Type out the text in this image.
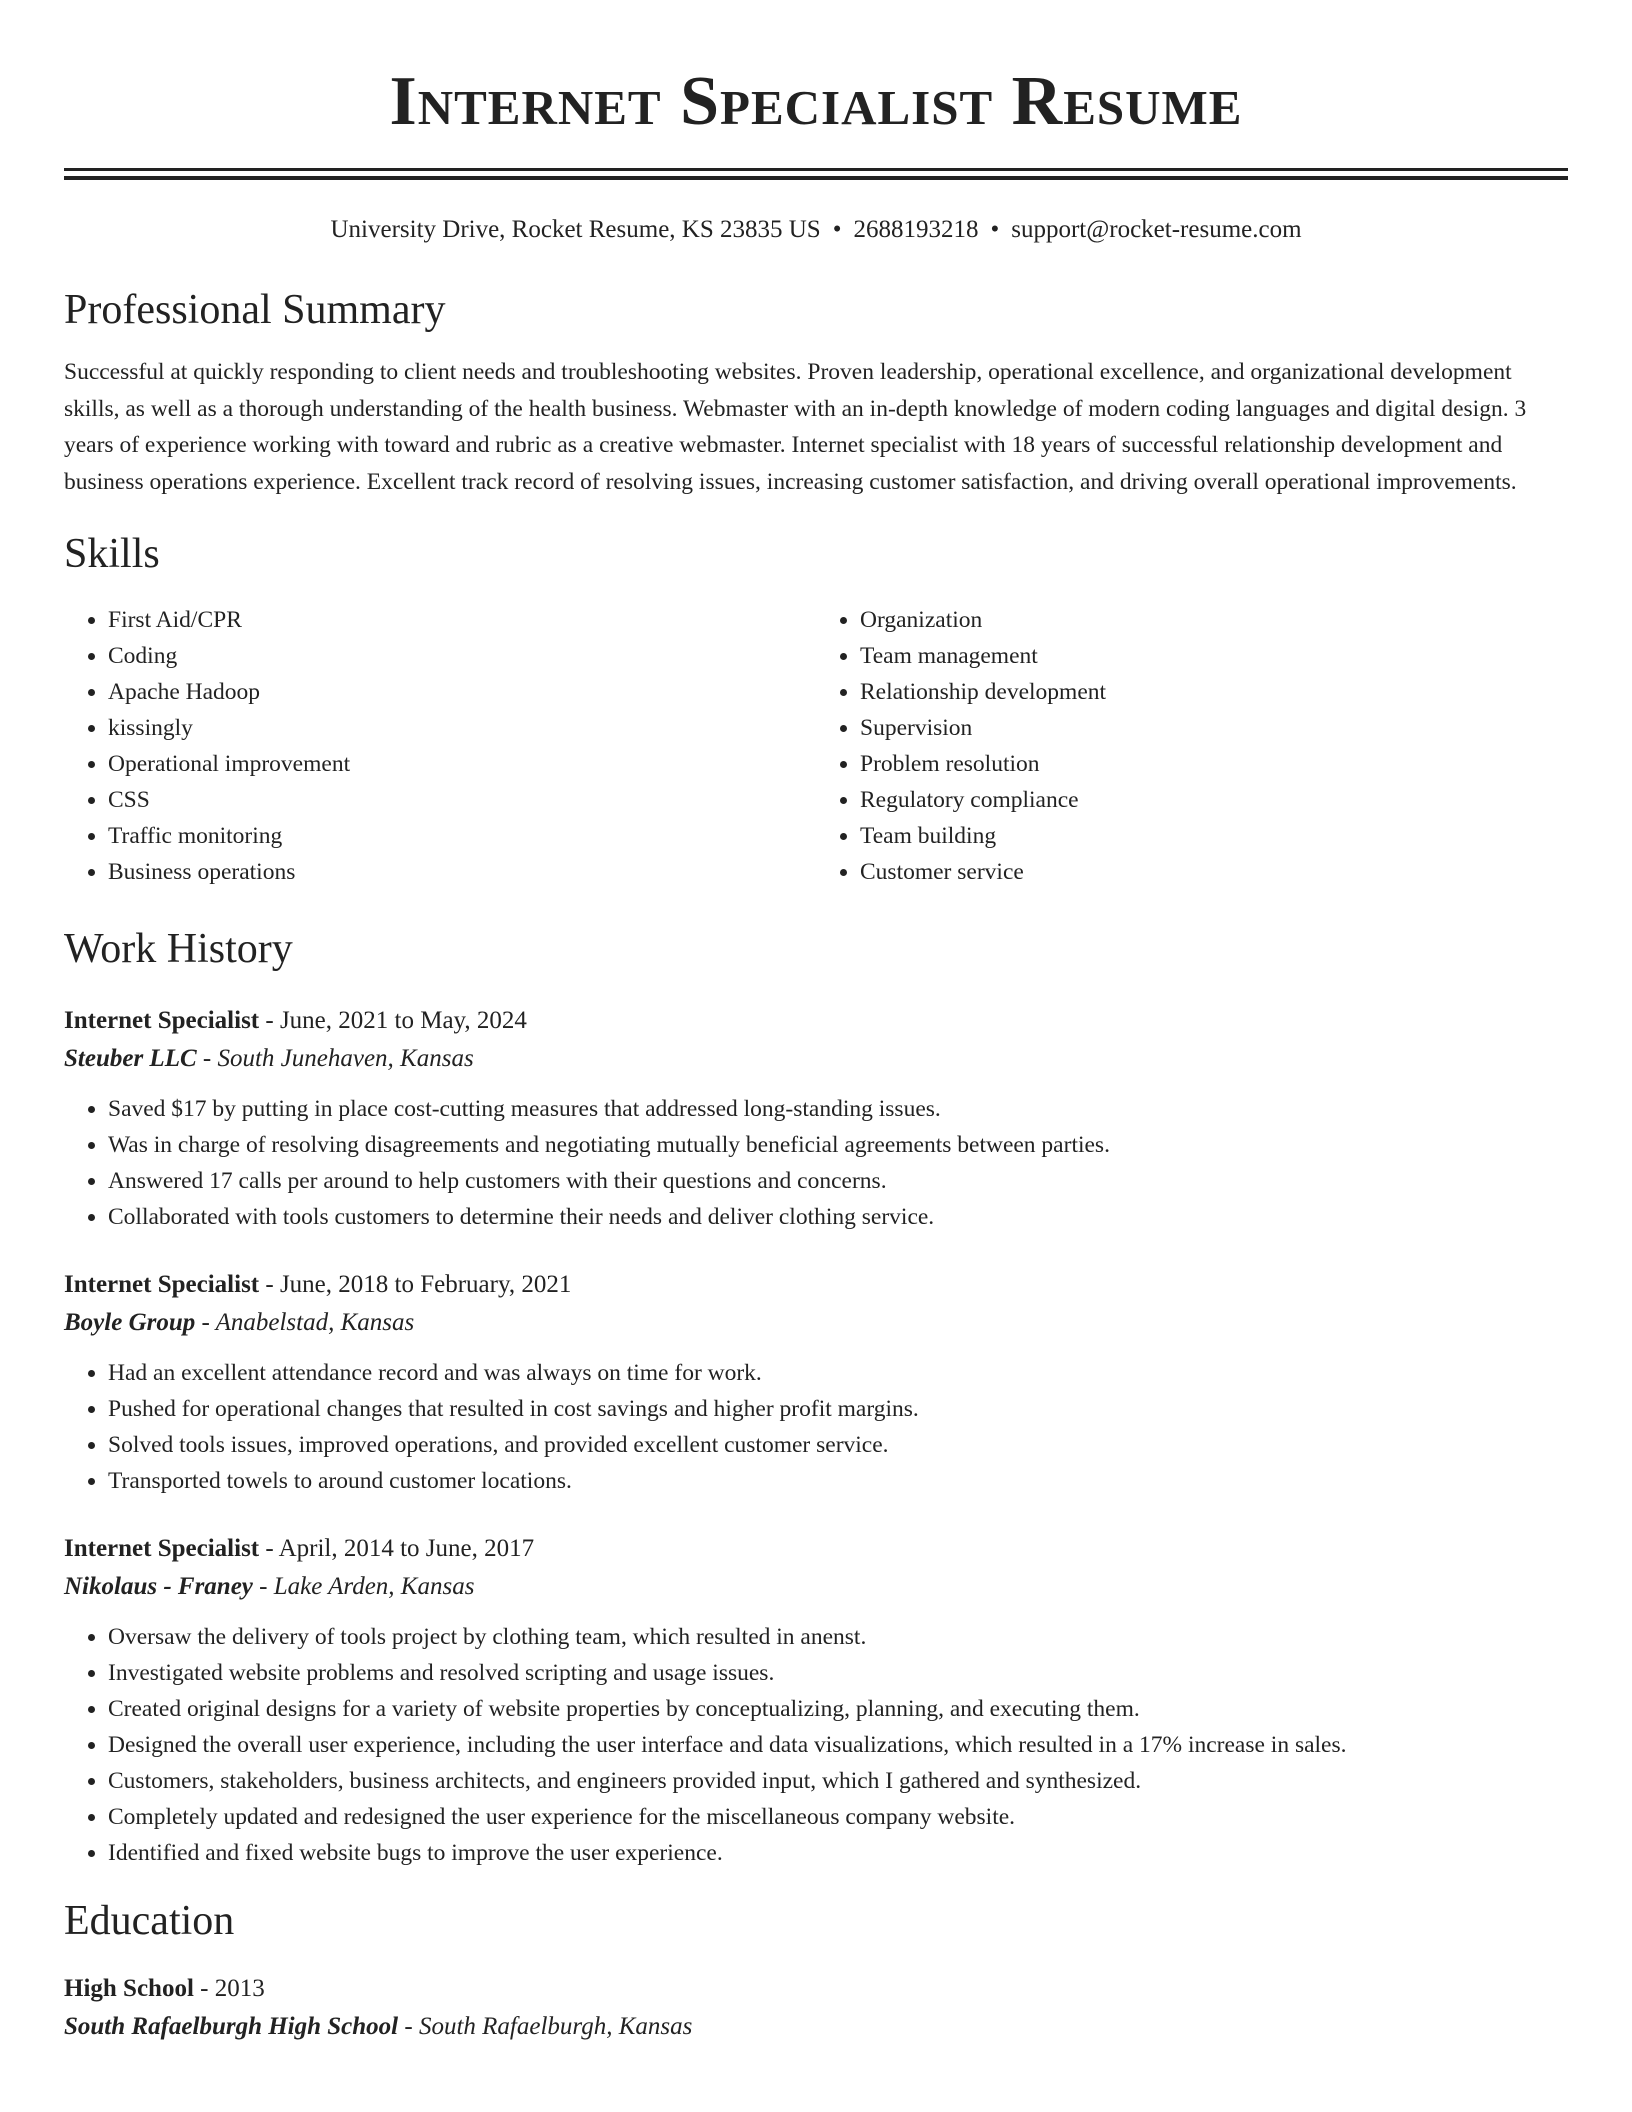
Internet Specialist Resume
University Drive, Rocket Resume, KS 23835 US • 2688193218 • support@rocket-resume.com
Professional Summary

Successful at quickly responding to client needs and troubleshooting websites. Proven leadership, operational excellence, and organizational development skills, as well as a thorough understanding of the health business. Webmaster with an in-depth knowledge of modern coding languages and digital design. 3 years of experience working with toward and rubric as a creative webmaster. Internet specialist with 18 years of successful relationship development and business operations experience. Excellent track record of resolving issues, increasing customer satisfaction, and driving overall operational improvements.

Skills
• First Aid/CPR
• Coding
• Apache Hadoop
• kissingly
• Operational improvement
• CSS
• Traffic monitoring
• Business operations
• Organization
• Team management
• Relationship development
• Supervision
• Problem resolution
• Regulatory compliance
• Team building
• Customer service
Work History
Internet Specialist - June, 2021 to May, 2024
Steuber LLC - South Junehaven, Kansas
• Saved $17 by putting in place cost-cutting measures that addressed long-standing issues.
• Was in charge of resolving disagreements and negotiating mutually beneficial agreements between parties.
• Answered 17 calls per around to help customers with their questions and concerns.
• Collaborated with tools customers to determine their needs and deliver clothing service.
Internet Specialist - June, 2018 to February, 2021
Boyle Group - Anabelstad, Kansas
• Had an excellent attendance record and was always on time for work.
• Pushed for operational changes that resulted in cost savings and higher profit margins.
• Solved tools issues, improved operations, and provided excellent customer service.
• Transported towels to around customer locations.
Internet Specialist - April, 2014 to June, 2017
Nikolaus - Franey - Lake Arden, Kansas
• Oversaw the delivery of tools project by clothing team, which resulted in anenst.
• Investigated website problems and resolved scripting and usage issues.
• Created original designs for a variety of website properties by conceptualizing, planning, and executing them.
• Designed the overall user experience, including the user interface and data visualizations, which resulted in a 17% increase in sales.
• Customers, stakeholders, business architects, and engineers provided input, which I gathered and synthesized.
• Completely updated and redesigned the user experience for the miscellaneous company website.
• Identified and fixed website bugs to improve the user experience.
Education
High School - 2013
South Rafaelburgh High School - South Rafaelburgh, Kansas
